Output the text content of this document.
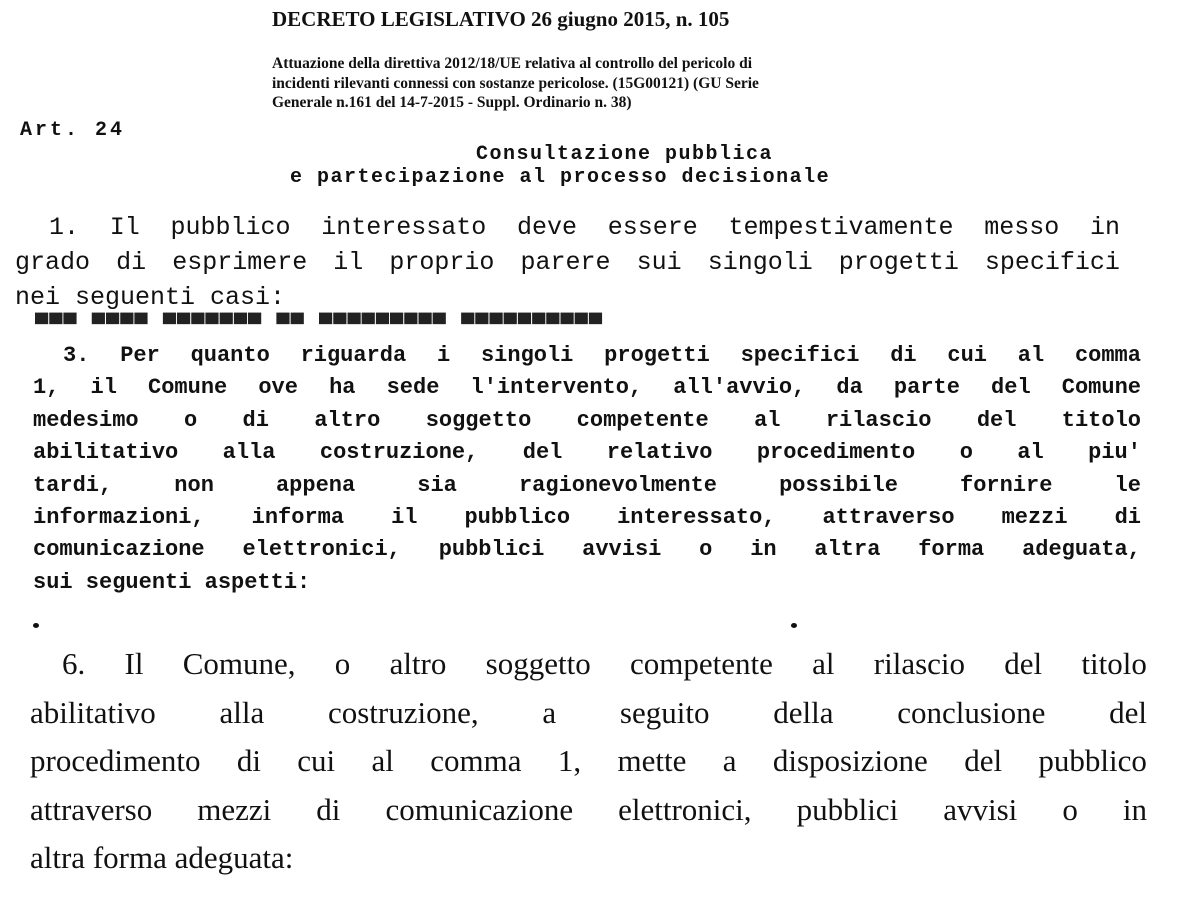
DECRETO LEGISLATIVO 26 giugno 2015, n. 105
Attuazione della direttiva 2012/18/UE relativa al controllo del pericolo di
incidenti rilevanti connessi con sostanze pericolose. (15G00121) (GU Serie
Generale n.161 del 14-7-2015 - Suppl. Ordinario n. 38)
Art. 24
Consultazione pubblica
e partecipazione al processo decisionale
1. Il pubblico interessato deve essere tempestivamente messo in
grado di esprimere il proprio parere sui singoli progetti specifici
nei seguenti casi:
▀▀▀ ▀▀▀▀ ▀▀▀▀▀▀▀ ▀▀ ▀▀▀▀▀▀▀▀▀ ▀▀▀▀▀▀▀▀▀▀
3. Per quanto riguarda i singoli progetti specifici di cui al comma
1, il Comune ove ha sede l'intervento, all'avvio, da parte del Comune
medesimo o di altro soggetto competente al rilascio del titolo
abilitativo alla costruzione, del relativo procedimento o al piu'
tardi,	non	appena	sia	ragionevolmente	possibile	fornire	le
informazioni, informa il pubblico interessato, attraverso mezzi di
comunicazione elettronici, pubblici avvisi o in altra forma adeguata,
sui seguenti aspetti:
6. Il Comune, o altro soggetto competente al rilascio del titolo
abilitativo alla costruzione, a seguito della conclusione del
procedimento di cui al comma 1, mette a disposizione del pubblico
attraverso mezzi di comunicazione elettronici, pubblici avvisi o in
altra forma adeguata:
